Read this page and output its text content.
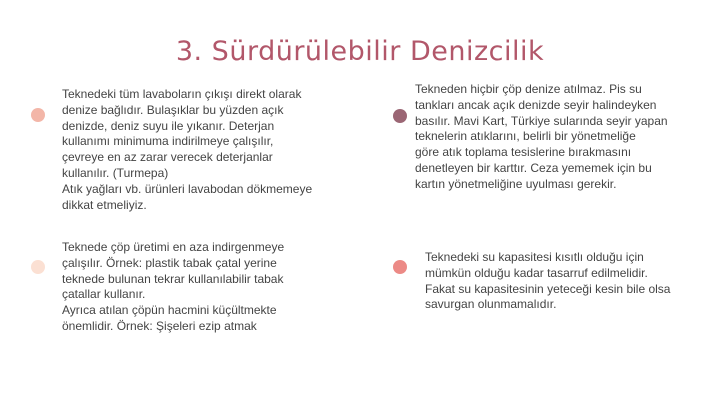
3. Sürdürülebilir Denizcilik
Teknedeki tüm lavaboların çıkışı direkt olarak
denize bağlıdır. Bulaşıklar bu yüzden açık
denizde, deniz suyu ile yıkanır. Deterjan
kullanımı minimuma indirilmeye çalışılır,
çevreye en az zarar verecek deterjanlar
kullanılır. (Turmepa)
Atık yağları vb. ürünleri lavabodan dökmemeye
dikkat etmeliyiz.
Tekneden hiçbir çöp denize atılmaz. Pis su
tankları ancak açık denizde seyir halindeyken
basılır. Mavi Kart, Türkiye sularında seyir yapan
teknelerin atıklarını, belirli bir yönetmeliğe
göre atık toplama tesislerine bırakmasını
denetleyen bir karttır. Ceza yememek için bu
kartın yönetmeliğine uyulması gerekir.
Teknede çöp üretimi en aza indirgenmeye
çalışılır. Örnek: plastik tabak çatal yerine
teknede bulunan tekrar kullanılabilir tabak
çatallar kullanır.
Ayrıca atılan çöpün hacmini küçültmekte
önemlidir. Örnek: Şişeleri ezip atmak
Teknedeki su kapasitesi kısıtlı olduğu için
mümkün olduğu kadar tasarruf edilmelidir.
Fakat su kapasitesinin yeteceği kesin bile olsa
savurgan olunmamalıdır.
